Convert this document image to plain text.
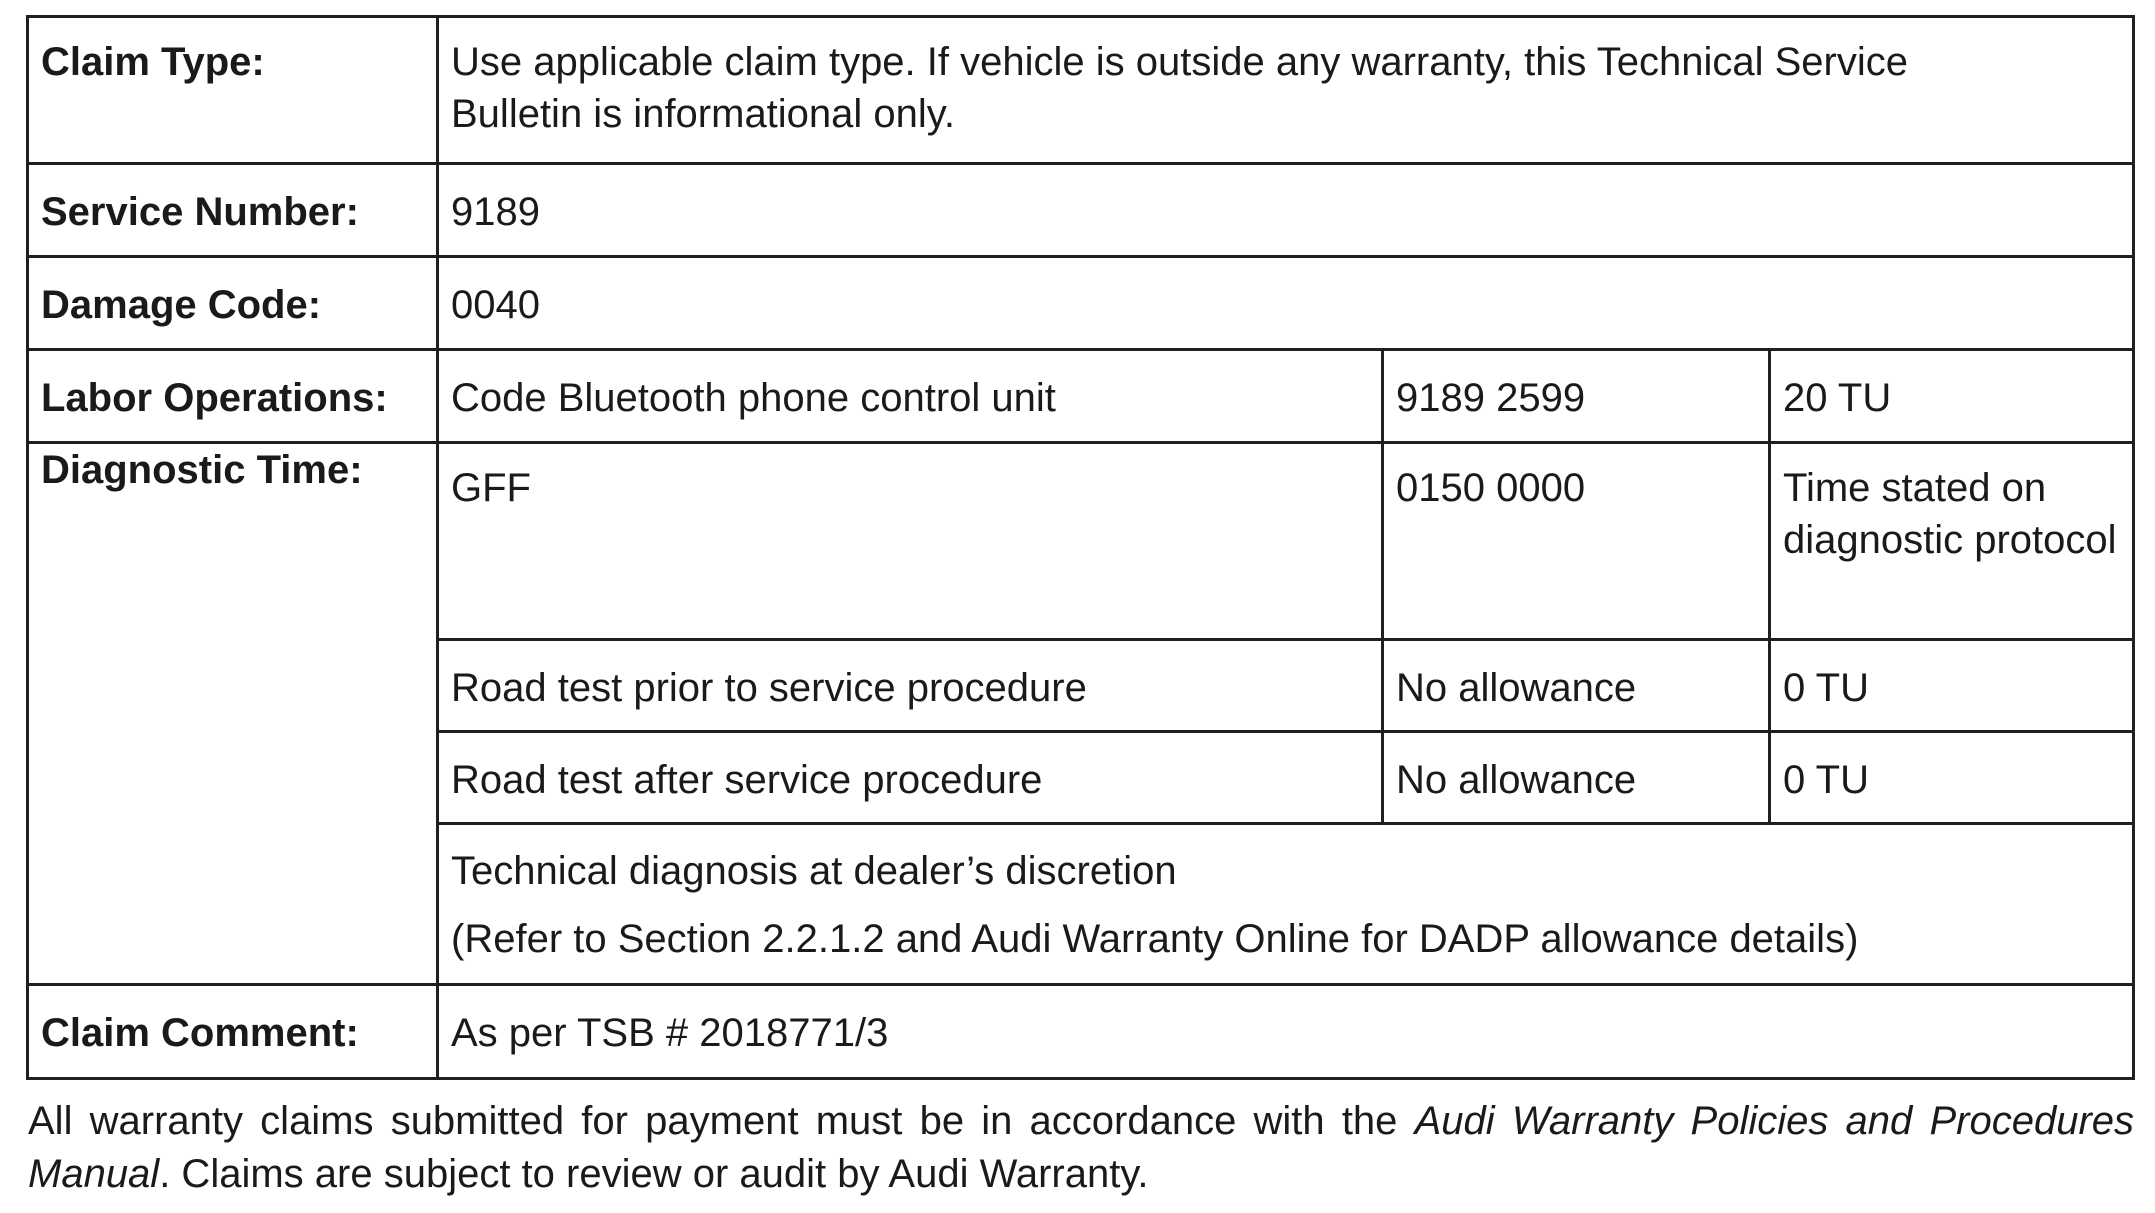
Claim Type:	Use applicable claim type. If vehicle is outside any warranty, this Technical Service
Bulletin is informational only.		

Service Number:	9189		
Damage Code:	0040		
Labor Operations:	Code Bluetooth phone control unit	9189 2599	20 TU
Diagnostic Time:	GFF	0150 0000	Time stated on diagnostic protocol
	Road test prior to service procedure	No allowance	0 TU
	Road test after service procedure	No allowance	0 TU

	Technical diagnosis at dealer’s discretion
(Refer to Section 2.2.1.2 and Audi Warranty Online for DADP allowance details)		

Claim Comment:	As per TSB # 2018771/3		
All warranty claims submitted for payment must be in accordance with the Audi Warranty Policies and Procedures Manual. Claims are subject to review or audit by Audi Warranty.
